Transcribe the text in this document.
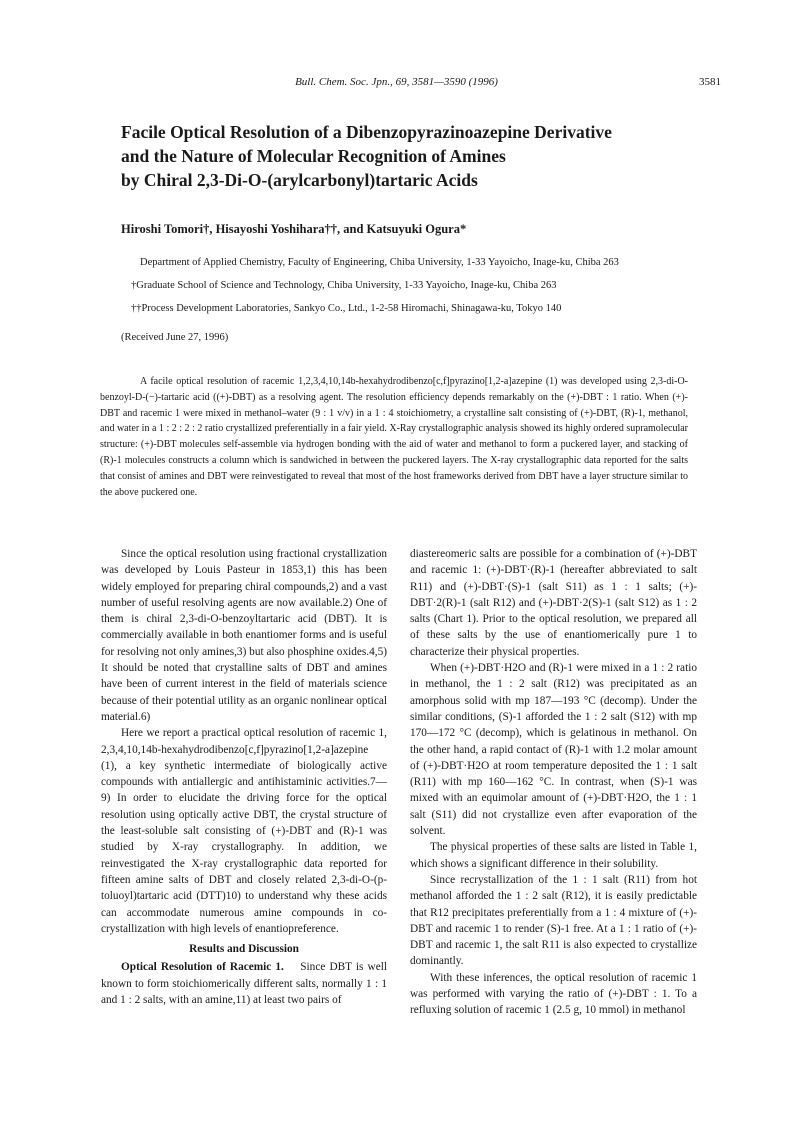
Bull. Chem. Soc. Jpn., 69, 3581—3590 (1996)	3581
Facile Optical Resolution of a Dibenzopyrazinoazepine Derivative
and the Nature of Molecular Recognition of Amines
by Chiral 2,3-Di-O-(arylcarbonyl)tartaric Acids
Hiroshi Tomori†, Hisayoshi Yoshihara††, and Katsuyuki Ogura*
Department of Applied Chemistry, Faculty of Engineering, Chiba University, 1-33 Yayoicho, Inage-ku, Chiba 263
†Graduate School of Science and Technology, Chiba University, 1-33 Yayoicho, Inage-ku, Chiba 263
††Process Development Laboratories, Sankyo Co., Ltd., 1-2-58 Hiromachi, Shinagawa-ku, Tokyo 140
(Received June 27, 1996)
A facile optical resolution of racemic 1,2,3,4,10,14b-hexahydrodibenzo[c,f]pyrazino[1,2-a]azepine (1) was developed using 2,3-di-O-benzoyl-D-(−)-tartaric acid ((+)-DBT) as a resolving agent. The resolution efficiency depends remarkably on the (+)-DBT : 1 ratio. When (+)-DBT and racemic 1 were mixed in methanol–water (9 : 1 v/v) in a 1 : 4 stoichiometry, a crystalline salt consisting of (+)-DBT, (R)-1, methanol, and water in a 1 : 2 : 2 : 2 ratio crystallized preferentially in a fair yield. X-Ray crystallographic analysis showed its highly ordered supramolecular structure: (+)-DBT molecules self-assemble via hydrogen bonding with the aid of water and methanol to form a puckered layer, and stacking of (R)-1 molecules constructs a column which is sandwiched in between the puckered layers. The X-ray crystallographic data reported for the salts that consist of amines and DBT were reinvestigated to reveal that most of the host frameworks derived from DBT have a layer structure similar to the above puckered one.

Since the optical resolution using fractional crystallization was developed by Louis Pasteur in 1853,1) this has been widely employed for preparing chiral compounds,2) and a vast number of useful resolving agents are now available.2) One of them is chiral 2,3-di-O-benzoyltartaric acid (DBT). It is commercially available in both enantiomer forms and is useful for resolving not only amines,3) but also phosphine oxides.4,5) It should be noted that crystalline salts of DBT and amines have been of current interest in the field of materials science because of their potential utility as an organic nonlinear optical material.6)

Here we report a practical optical resolution of racemic 1, 2,3,4,10,14b-hexahydrodibenzo[c,f]pyrazino[1,2-a]azepine (1), a key synthetic intermediate of biologically active compounds with antiallergic and antihistaminic activities.7—9) In order to elucidate the driving force for the optical resolution using optically active DBT, the crystal structure of the least-soluble salt consisting of (+)-DBT and (R)-1 was studied by X-ray crystallography. In addition, we reinvestigated the X-ray crystallographic data reported for fifteen amine salts of DBT and closely related 2,3-di-O-(p-toluoyl)tartaric acid (DTT)10) to understand why these acids can accommodate numerous amine compounds in co-crystallization with high levels of enantiopreference.

Results and Discussion

Optical Resolution of Racemic 1. Since DBT is well known to form stoichiomerically different salts, normally 1 : 1 and 1 : 2 salts, with an amine,11) at least two pairs of

diastereomeric salts are possible for a combination of (+)-DBT and racemic 1: (+)-DBT·(R)-1 (hereafter abbreviated to salt R11) and (+)-DBT·(S)-1 (salt S11) as 1 : 1 salts; (+)-DBT·2(R)-1 (salt R12) and (+)-DBT·2(S)-1 (salt S12) as 1 : 2 salts (Chart 1). Prior to the optical resolution, we prepared all of these salts by the use of enantiomerically pure 1 to characterize their physical properties.

When (+)-DBT·H2O and (R)-1 were mixed in a 1 : 2 ratio in methanol, the 1 : 2 salt (R12) was precipitated as an amorphous solid with mp 187—193 °C (decomp). Under the similar conditions, (S)-1 afforded the 1 : 2 salt (S12) with mp 170—172 °C (decomp), which is gelatinous in methanol. On the other hand, a rapid contact of (R)-1 with 1.2 molar amount of (+)-DBT·H2O at room temperature deposited the 1 : 1 salt (R11) with mp 160—162 °C. In contrast, when (S)-1 was mixed with an equimolar amount of (+)-DBT·H2O, the 1 : 1 salt (S11) did not crystallize even after evaporation of the solvent.

The physical properties of these salts are listed in Table 1, which shows a significant difference in their solubility.

Since recrystallization of the 1 : 1 salt (R11) from hot methanol afforded the 1 : 2 salt (R12), it is easily predictable that R12 precipitates preferentially from a 1 : 4 mixture of (+)-DBT and racemic 1 to render (S)-1 free. At a 1 : 1 ratio of (+)-DBT and racemic 1, the salt R11 is also expected to crystallize dominantly.

With these inferences, the optical resolution of racemic 1 was performed with varying the ratio of (+)-DBT : 1. To a refluxing solution of racemic 1 (2.5 g, 10 mmol) in methanol
